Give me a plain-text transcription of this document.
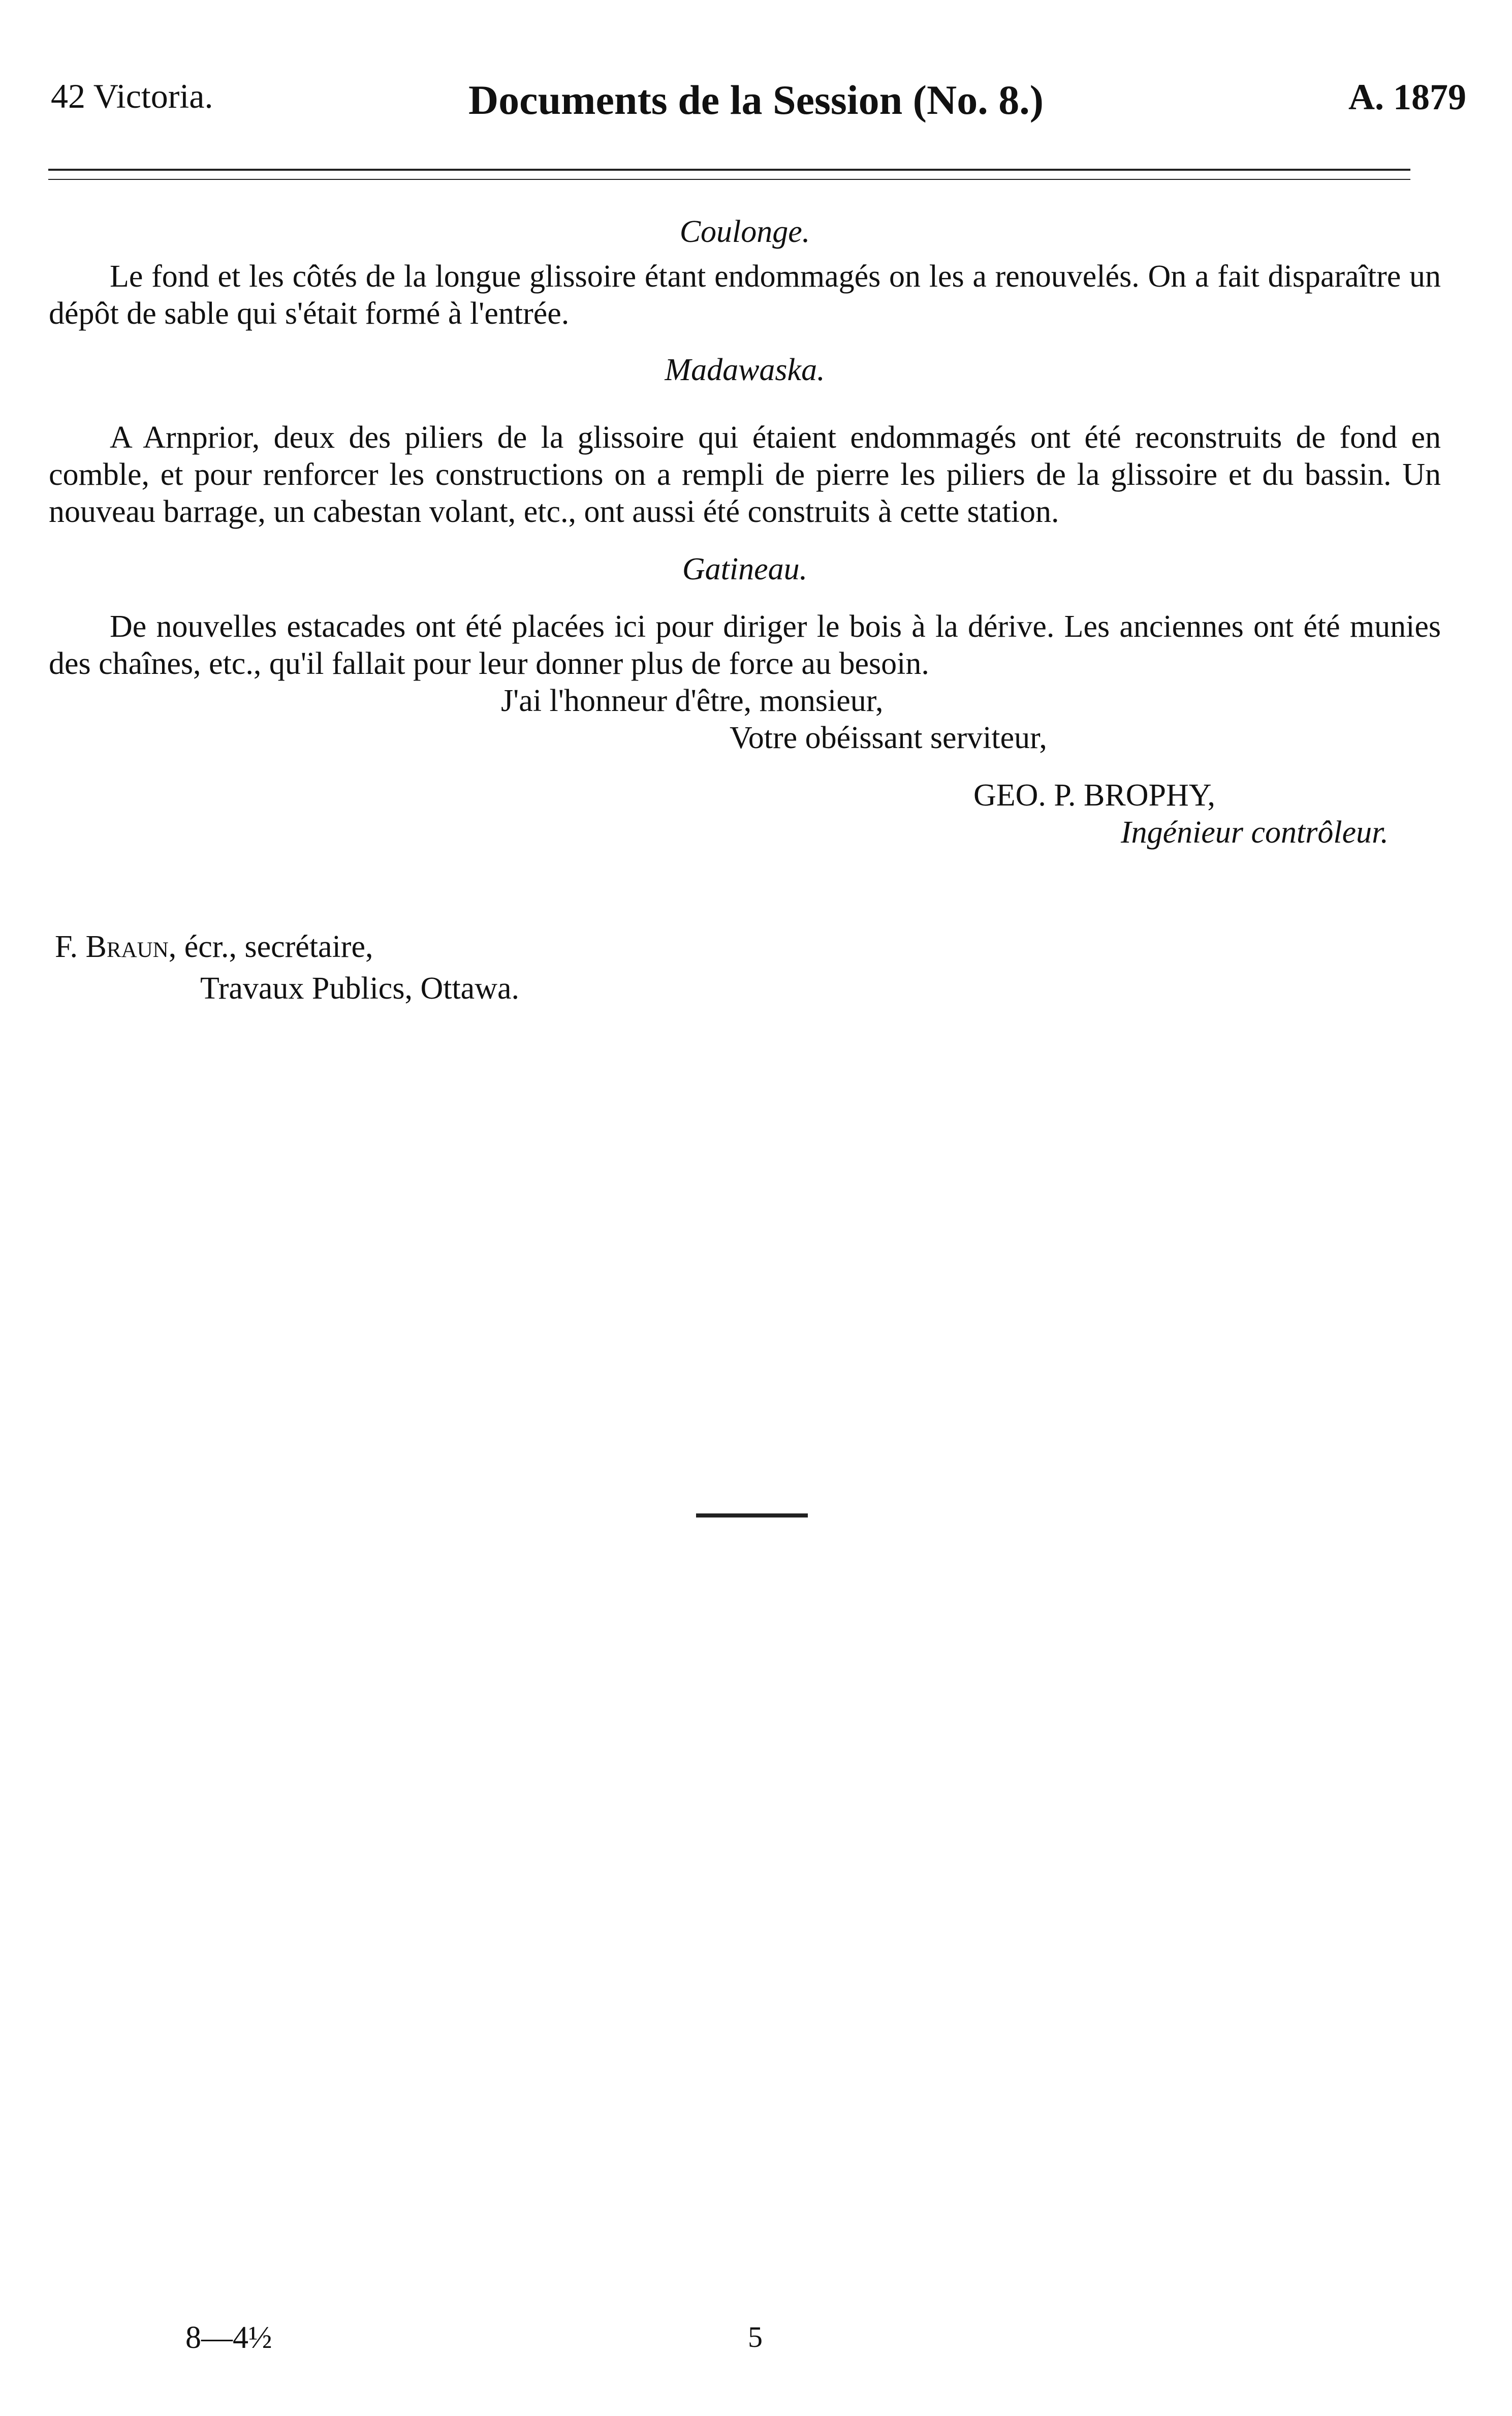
42 Victoria.	Documents de la Session (No. 8.)	A. 1879

Coulonge.

Le fond et les côtés de la longue glissoire étant endommagés on les a renouvelés. On a fait disparaître un dépôt de sable qui s'était formé à l'entrée.

Madawaska.

A Arnprior, deux des piliers de la glissoire qui étaient endommagés ont été reconstruits de fond en comble, et pour renforcer les constructions on a rempli de pierre les piliers de la glissoire et du bassin. Un nouveau barrage, un cabestan volant, etc., ont aussi été construits à cette station.

Gatineau.

De nouvelles estacades ont été placées ici pour diriger le bois à la dérive. Les anciennes ont été munies des chaînes, etc., qu'il fallait pour leur donner plus de force au besoin.

J'ai l'honneur d'être, monsieur,

Votre obéissant serviteur,

GEO. P. BROPHY,

Ingénieur contrôleur.

F. Braun, écr., secrétaire,

Travaux Publics, Ottawa.

8—4½	5
